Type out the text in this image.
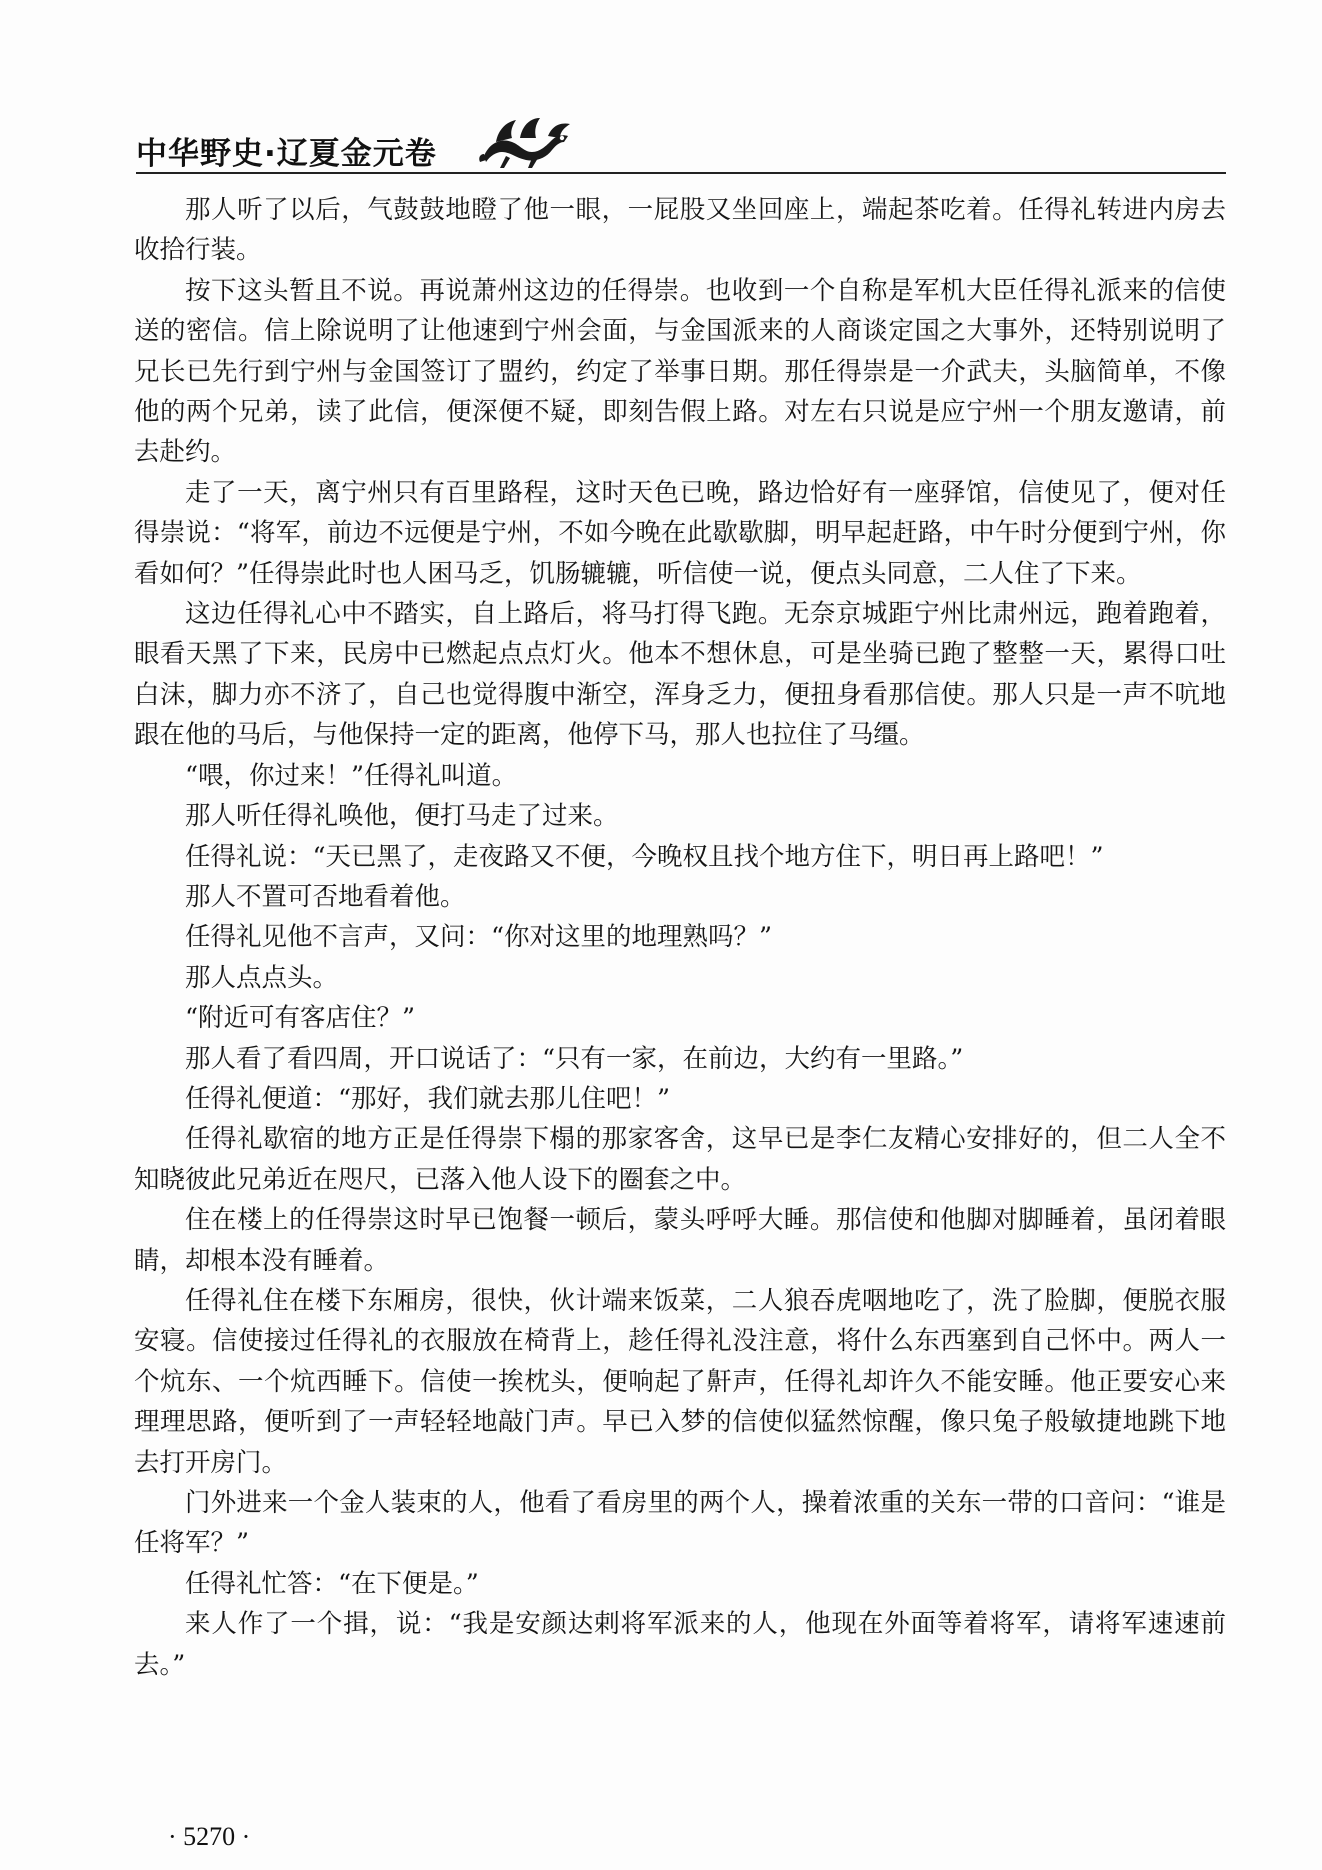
中华野史·辽夏金元卷

那人听了以后，气鼓鼓地瞪了他一眼，一屁股又坐回座上，端起茶吃着。任得礼转进内房去收拾行装。

按下这头暂且不说。再说萧州这边的任得崇。也收到一个自称是军机大臣任得礼派来的信使送的密信。信上除说明了让他速到宁州会面，与金国派来的人商谈定国之大事外，还特别说明了兄长已先行到宁州与金国签订了盟约，约定了举事日期。那任得崇是一介武夫，头脑简单，不像他的两个兄弟，读了此信，便深便不疑，即刻告假上路。对左右只说是应宁州一个朋友邀请，前去赴约。

走了一天，离宁州只有百里路程，这时天色已晚，路边恰好有一座驿馆，信使见了，便对任得崇说：“将军，前边不远便是宁州，不如今晚在此歇歇脚，明早起赶路，中午时分便到宁州，你看如何？”任得崇此时也人困马乏，饥肠辘辘，听信使一说，便点头同意，二人住了下来。

这边任得礼心中不踏实，自上路后，将马打得飞跑。无奈京城距宁州比肃州远，跑着跑着，眼看天黑了下来，民房中已燃起点点灯火。他本不想休息，可是坐骑已跑了整整一天，累得口吐白沫，脚力亦不济了，自己也觉得腹中渐空，浑身乏力，便扭身看那信使。那人只是一声不吭地跟在他的马后，与他保持一定的距离，他停下马，那人也拉住了马缰。

“喂，你过来！”任得礼叫道。

那人听任得礼唤他，便打马走了过来。

任得礼说：“天已黑了，走夜路又不便，今晚权且找个地方住下，明日再上路吧！”

那人不置可否地看着他。

任得礼见他不言声，又问：“你对这里的地理熟吗？”

那人点点头。

“附近可有客店住？”

那人看了看四周，开口说话了：“只有一家，在前边，大约有一里路。”

任得礼便道：“那好，我们就去那儿住吧！”

任得礼歇宿的地方正是任得崇下榻的那家客舍，这早已是李仁友精心安排好的，但二人全不知晓彼此兄弟近在咫尺，已落入他人设下的圈套之中。

住在楼上的任得崇这时早已饱餐一顿后，蒙头呼呼大睡。那信使和他脚对脚睡着，虽闭着眼睛，却根本没有睡着。

任得礼住在楼下东厢房，很快，伙计端来饭菜，二人狼吞虎咽地吃了，洗了脸脚，便脱衣服安寝。信使接过任得礼的衣服放在椅背上，趁任得礼没注意，将什么东西塞到自己怀中。两人一个炕东、一个炕西睡下。信使一挨枕头，便响起了鼾声，任得礼却许久不能安睡。他正要安心来理理思路，便听到了一声轻轻地敲门声。早已入梦的信使似猛然惊醒，像只兔子般敏捷地跳下地去打开房门。

门外进来一个金人装束的人，他看了看房里的两个人，操着浓重的关东一带的口音问：“谁是任将军？”

任得礼忙答：“在下便是。”

来人作了一个揖，说：“我是安颜达剌将军派来的人，他现在外面等着将军，请将军速速前去。”

· 5270 ·
